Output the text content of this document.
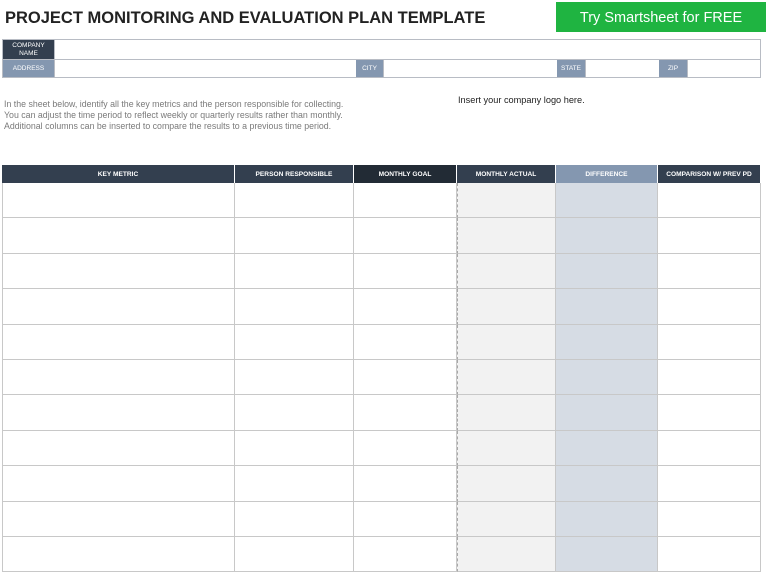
PROJECT MONITORING AND EVALUATION PLAN TEMPLATE	Try Smartsheet for FREE
COMPANY NAME
ADDRESS	CITY	STATE	ZIP
In the sheet below, identify all the key metrics and the person responsible for collecting. You can adjust the time period to reflect weekly or quarterly results rather than monthly. Additional columns can be inserted to compare the results to a previous time period.
Insert your company logo here.
KEY METRIC	PERSON RESPONSIBLE	MONTHLY GOAL	MONTHLY ACTUAL	DIFFERENCE	COMPARISON W/ PREV PD
